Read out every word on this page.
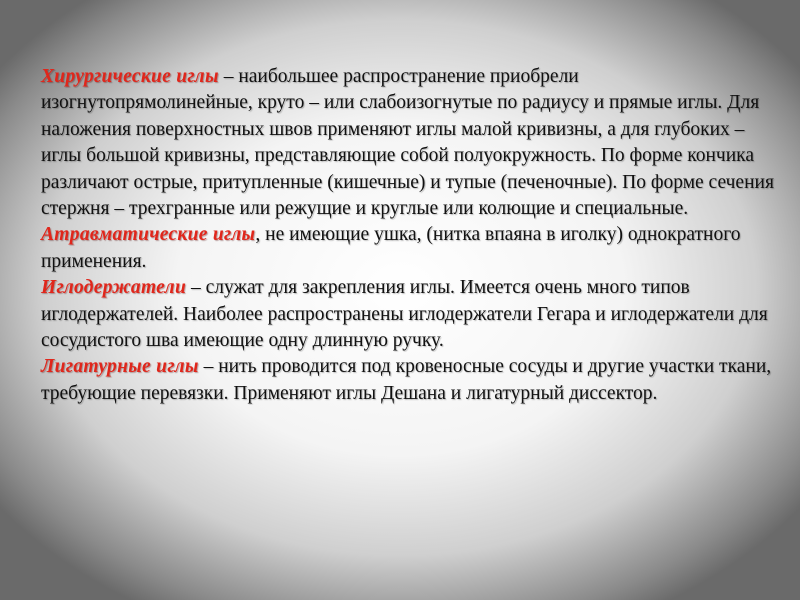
Хирургические иглы – наибольшее распространение приобрели изогнутопрямолинейные, круто – или слабоизогнутые по радиусу и прямые иглы. Для наложения поверхностных швов применяют иглы малой кривизны, а для глубоких – иглы большой кривизны, представляющие собой полуокружность. По форме кончика различают острые, притупленные (кишечные) и тупые (печеночные). По форме сечения стержня – трехгранные или режущие и круглые или колющие и специальные.

Атравматические иглы, не имеющие ушка, (нитка впаяна в иголку) однократного применения.

Иглодержатели – служат для закрепления иглы. Имеется очень много типов иглодержателей. Наиболее распространены иглодержатели Гегара и иглодержатели для сосудистого шва имеющие одну длинную ручку.

Лигатурные иглы – нить проводится под кровеносные сосуды и другие участки ткани, требующие перевязки. Применяют иглы Дешана и лигатурный диссектор.
